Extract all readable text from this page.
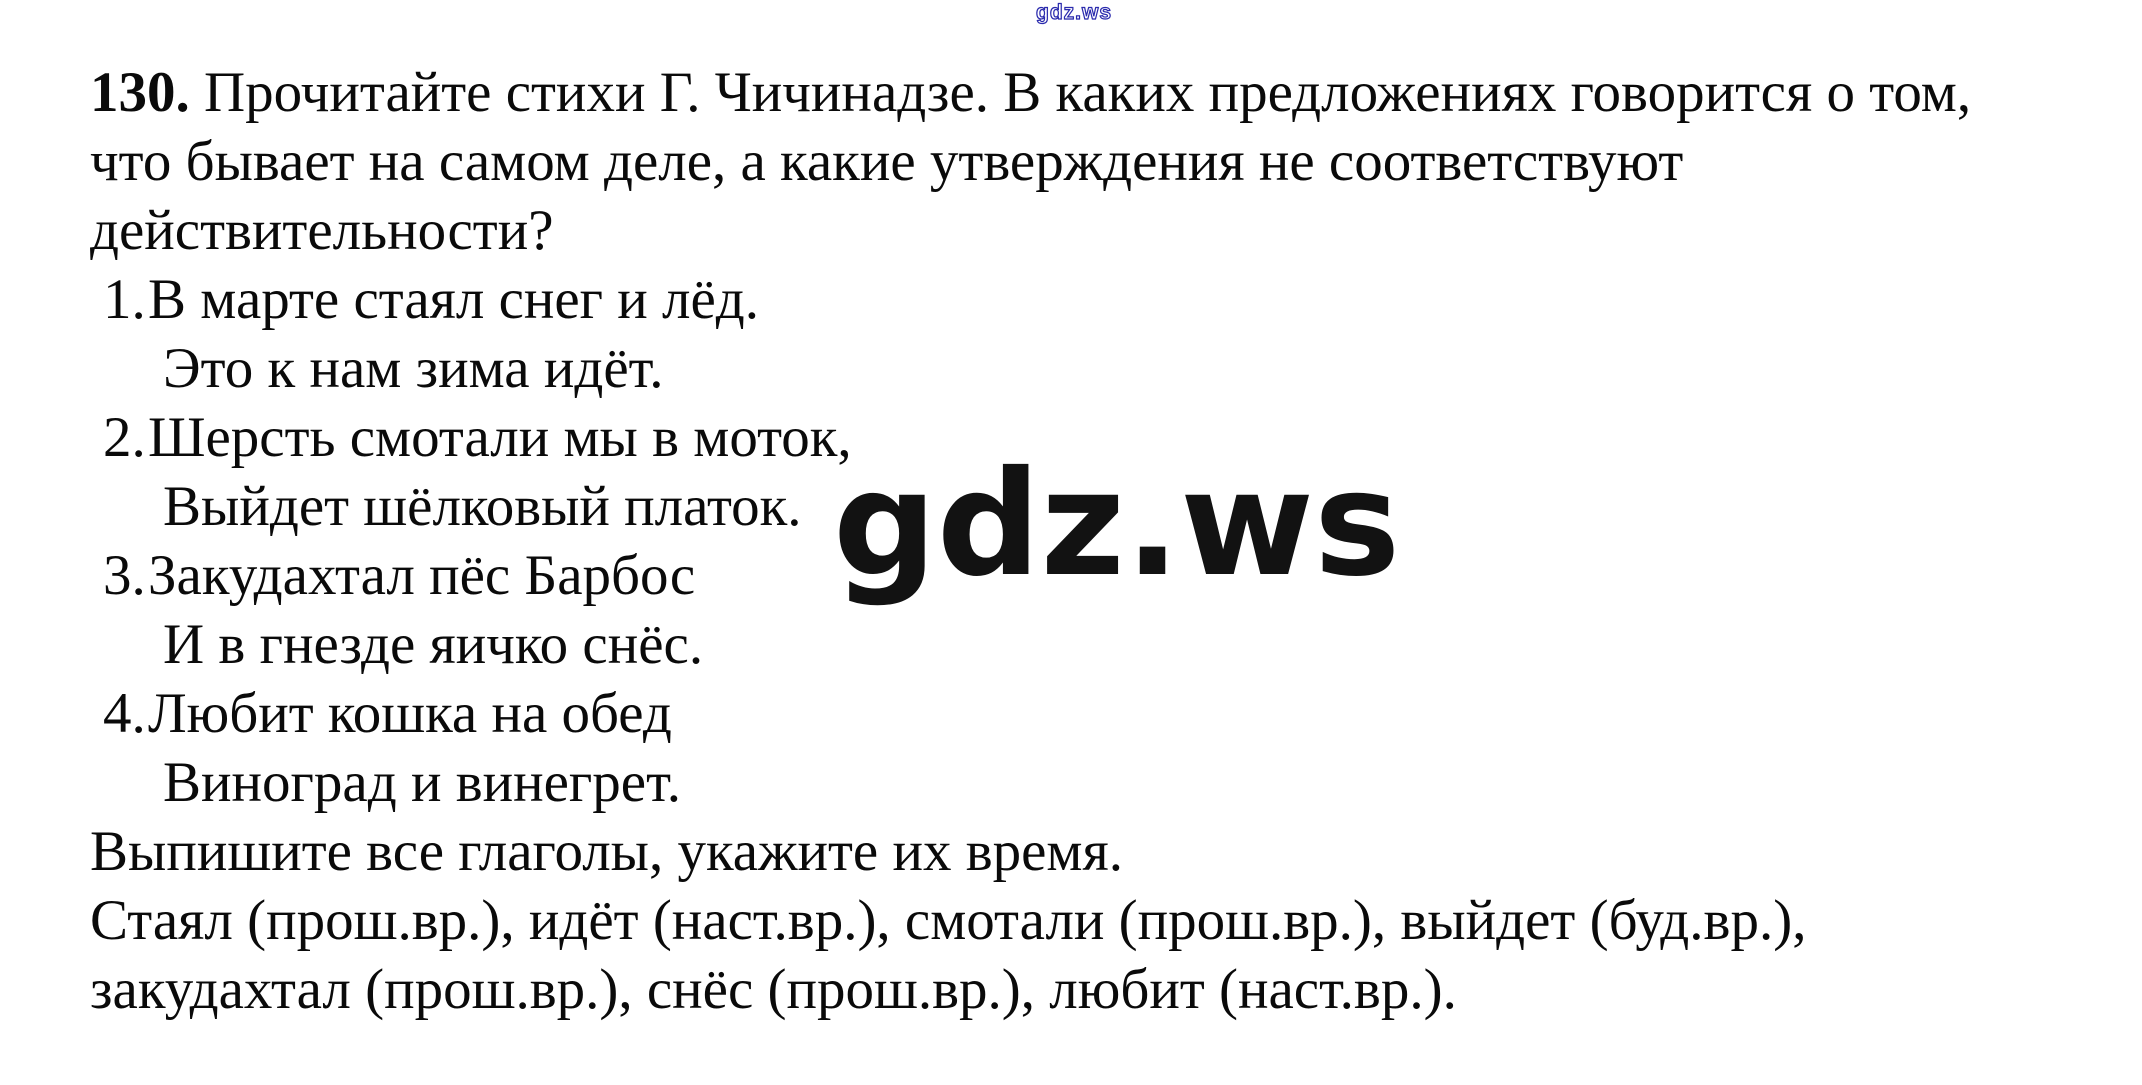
gdz.ws
130. Прочитайте стихи Г. Чичинадзе. В каких предложениях говорится о том,
что бывает на самом деле, а какие утверждения не соответствуют
действительности?
1.В марте стаял снег и лёд.
Это к нам зима идёт.
2.Шерсть смотали мы в моток,
Выйдет шёлковый платок.
3.Закудахтал пёс Барбос
И в гнезде яичко снёс.
4.Любит кошка на обед
Виноград и винегрет.
Выпишите все глаголы, укажите их время.
Стаял (прош.вр.), идёт (наст.вр.), смотали (прош.вр.), выйдет (буд.вр.),
закудахтал (прош.вр.), снёс (прош.вр.), любит (наст.вр.).
gdz.ws
